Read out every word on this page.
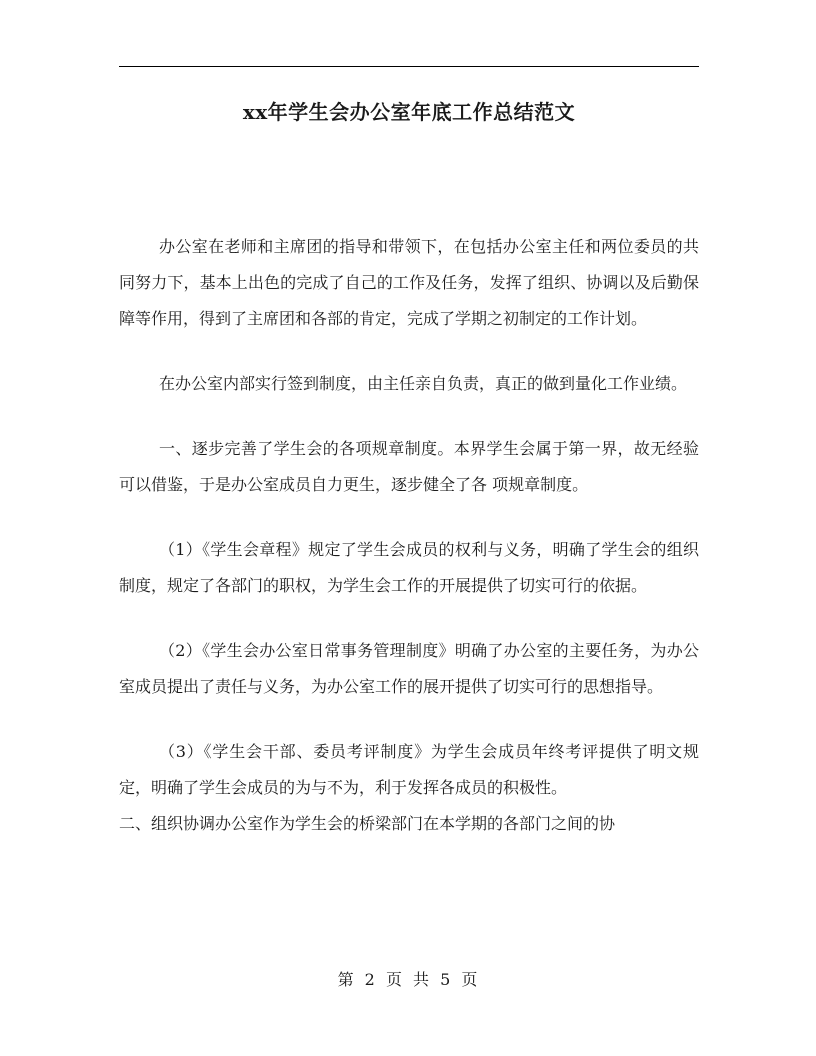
xx年学生会办公室年底工作总结范文

办公室在老师和主席团的指导和带领下，在包括办公室主任和两位委员的共同努力下，基本上出色的完成了自己的工作及任务，发挥了组织、协调以及后勤保障等作用，得到了主席团和各部的肯定，完成了学期之初制定的工作计划。

在办公室内部实行签到制度，由主任亲自负责，真正的做到量化工作业绩。

一、逐步完善了学生会的各项规章制度。本界学生会属于第一界，故无经验可以借鉴，于是办公室成员自力更生，逐步健全了各 项规章制度。

（1）《学生会章程》规定了学生会成员的权利与义务，明确了学生会的组织制度，规定了各部门的职权，为学生会工作的开展提供了切实可行的依据。

（2）《学生会办公室日常事务管理制度》明确了办公室的主要任务，为办公室成员提出了责任与义务，为办公室工作的展开提供了切实可行的思想指导。

（3）《学生会干部、委员考评制度》为学生会成员年终考评提供了明文规定，明确了学生会成员的为与不为，利于发挥各成员的积极性。

二、组织协调办公室作为学生会的桥梁部门在本学期的各部门之间的协

第 2 页 共 5 页
